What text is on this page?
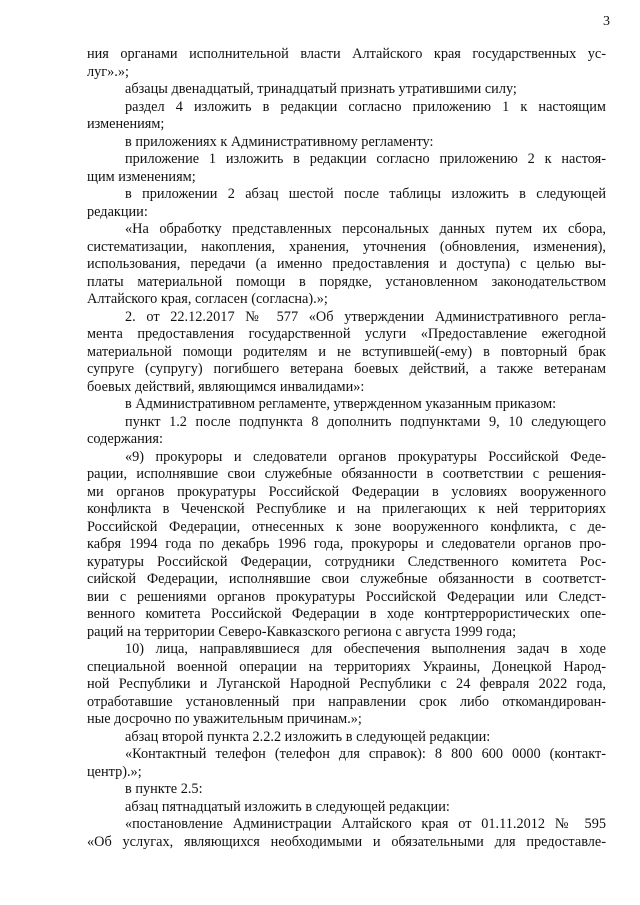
3
ния органами исполнительной власти Алтайского края государственных ус-
луг».»;
абзацы двенадцатый, тринадцатый признать утратившими силу;
раздел 4 изложить в редакции согласно приложению 1 к настоящим
изменениям;
в приложениях к Административному регламенту:
приложение 1 изложить в редакции согласно приложению 2 к настоя-
щим изменениям;
в приложении 2 абзац шестой после таблицы изложить в следующей
редакции:
«На обработку представленных персональных данных путем их сбора,
систематизации, накопления, хранения, уточнения (обновления, изменения),
использования, передачи (а именно предоставления и доступа) с целью вы-
платы материальной помощи в порядке, установленном законодательством
Алтайского края, согласен (согласна).»;
2. от 22.12.2017 № 577 «Об утверждении Административного регла-
мента предоставления государственной услуги «Предоставление ежегодной
материальной помощи родителям и не вступившей(-ему) в повторный брак
супруге (супругу) погибшего ветерана боевых действий, а также ветеранам
боевых действий, являющимся инвалидами»:
в Административном регламенте, утвержденном указанным приказом:
пункт 1.2 после подпункта 8 дополнить подпунктами 9, 10 следующего
содержания:
«9) прокуроры и следователи органов прокуратуры Российской Феде-
рации, исполнявшие свои служебные обязанности в соответствии с решения-
ми органов прокуратуры Российской Федерации в условиях вооруженного
конфликта в Чеченской Республике и на прилегающих к ней территориях
Российской Федерации, отнесенных к зоне вооруженного конфликта, с де-
кабря 1994 года по декабрь 1996 года, прокуроры и следователи органов про-
куратуры Российской Федерации, сотрудники Следственного комитета Рос-
сийской Федерации, исполнявшие свои служебные обязанности в соответст-
вии с решениями органов прокуратуры Российской Федерации или Следст-
венного комитета Российской Федерации в ходе контртеррористических опе-
раций на территории Северо-Кавказского региона с августа 1999 года;
10) лица, направлявшиеся для обеспечения выполнения задач в ходе
специальной военной операции на территориях Украины, Донецкой Народ-
ной Республики и Луганской Народной Республики с 24 февраля 2022 года,
отработавшие установленный при направлении срок либо откомандирован-
ные досрочно по уважительным причинам.»;
абзац второй пункта 2.2.2 изложить в следующей редакции:
«Контактный телефон (телефон для справок): 8 800 600 0000 (контакт-
центр).»;
в пункте 2.5:
абзац пятнадцатый изложить в следующей редакции:
«постановление Администрации Алтайского края от 01.11.2012 № 595
«Об услугах, являющихся необходимыми и обязательными для предоставле-
